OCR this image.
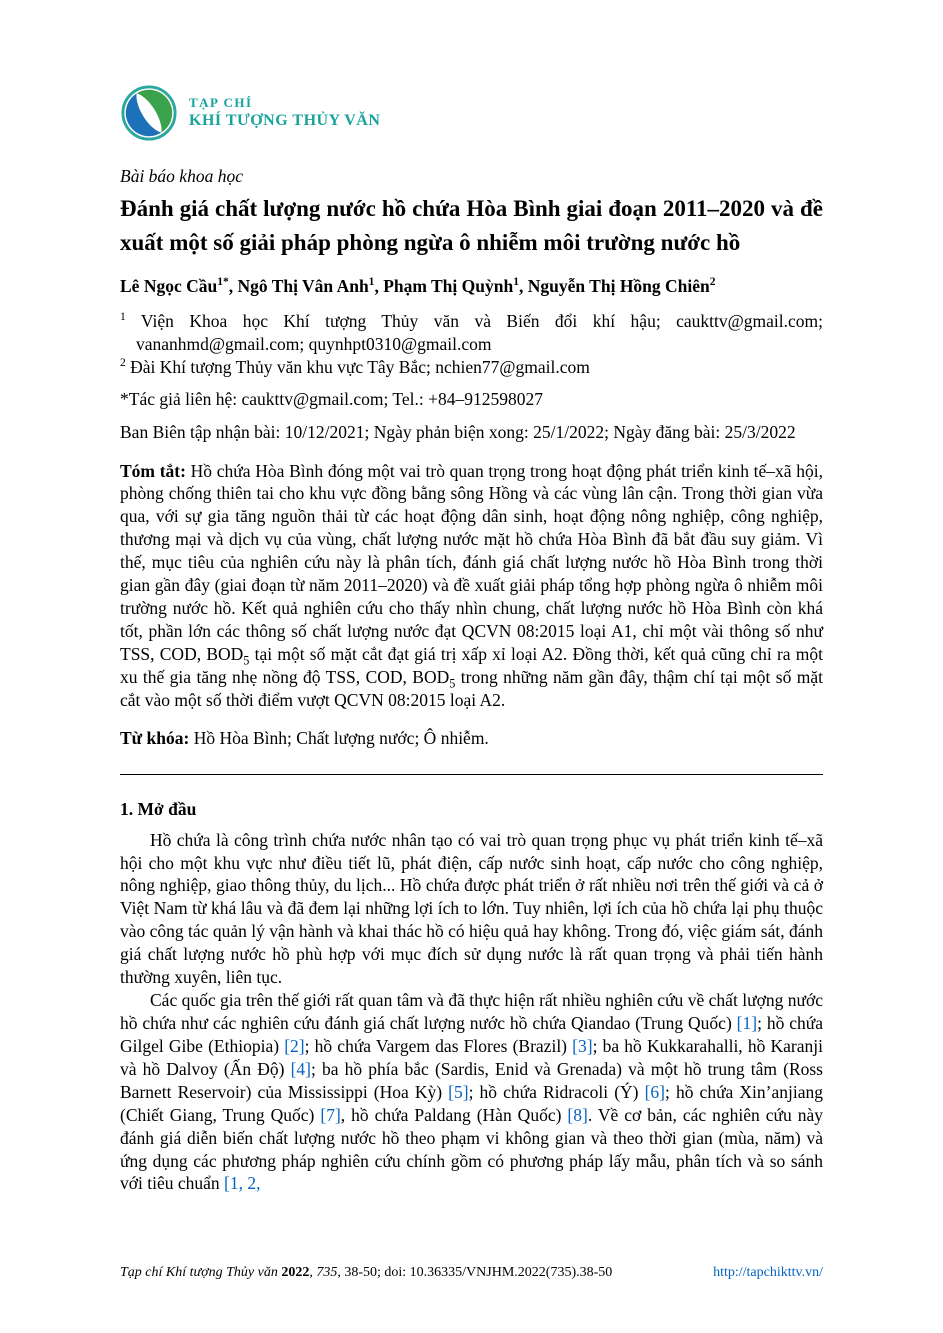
TẠP CHÍ
KHÍ TƯỢNG THỦY VĂN
Bài báo khoa học
Đánh giá chất lượng nước hồ chứa Hòa Bình giai đoạn 2011–2020 và đề xuất một số giải pháp phòng ngừa ô nhiễm môi trường nước hồ
Lê Ngọc Cầu$^{1*}$, Ngô Thị Vân Anh$^1$, Phạm Thị Quỳnh$^1$, Nguyễn Thị Hồng Chiên$^2$
$^1$ Viện Khoa học Khí tượng Thủy văn và Biến đổi khí hậu; caukttv@gmail.com; vananhmd@gmail.com; quynhpt0310@gmail.com
$^2$ Đài Khí tượng Thủy văn khu vực Tây Bắc; nchien77@gmail.com
*Tác giả liên hệ: caukttv@gmail.com; Tel.: +84–912598027
Ban Biên tập nhận bài: 10/12/2021; Ngày phản biện xong: 25/1/2022; Ngày đăng bài: 25/3/2022
Tóm tắt: Hồ chứa Hòa Bình đóng một vai trò quan trọng trong hoạt động phát triển kinh tế–xã hội, phòng chống thiên tai cho khu vực đồng bằng sông Hồng và các vùng lân cận. Trong thời gian vừa qua, với sự gia tăng nguồn thải từ các hoạt động dân sinh, hoạt động nông nghiệp, công nghiệp, thương mại và dịch vụ của vùng, chất lượng nước mặt hồ chứa Hòa Bình đã bắt đầu suy giảm. Vì thế, mục tiêu của nghiên cứu này là phân tích, đánh giá chất lượng nước hồ Hòa Bình trong thời gian gần đây (giai đoạn từ năm 2011–2020) và đề xuất giải pháp tổng hợp phòng ngừa ô nhiễm môi trường nước hồ. Kết quả nghiên cứu cho thấy nhìn chung, chất lượng nước hồ Hòa Bình còn khá tốt, phần lớn các thông số chất lượng nước đạt QCVN 08:2015 loại A1, chỉ một vài thông số như TSS, COD, $BOD_5$ tại một số mặt cắt đạt giá trị xấp xỉ loại A2. Đồng thời, kết quả cũng chỉ ra một xu thế gia tăng nhẹ nồng độ TSS, COD, $BOD_5$ trong những năm gần đây, thậm chí tại một số mặt cắt vào một số thời điểm vượt QCVN 08:2015 loại A2.
Từ khóa: Hồ Hòa Bình; Chất lượng nước; Ô nhiễm.
1. Mở đầu

Hồ chứa là công trình chứa nước nhân tạo có vai trò quan trọng phục vụ phát triển kinh tế–xã hội cho một khu vực như điều tiết lũ, phát điện, cấp nước sinh hoạt, cấp nước cho công nghiệp, nông nghiệp, giao thông thủy, du lịch... Hồ chứa được phát triển ở rất nhiều nơi trên thế giới và cả ở Việt Nam từ khá lâu và đã đem lại những lợi ích to lớn. Tuy nhiên, lợi ích của hồ chứa lại phụ thuộc vào công tác quản lý vận hành và khai thác hồ có hiệu quả hay không. Trong đó, việc giám sát, đánh giá chất lượng nước hồ phù hợp với mục đích sử dụng nước là rất quan trọng và phải tiến hành thường xuyên, liên tục.

Các quốc gia trên thế giới rất quan tâm và đã thực hiện rất nhiều nghiên cứu về chất lượng nước hồ chứa như các nghiên cứu đánh giá chất lượng nước hồ chứa Qiandao (Trung Quốc) [1]; hồ chứa Gilgel Gibe (Ethiopia) [2]; hồ chứa Vargem das Flores (Brazil) [3]; ba hồ Kukkarahalli, hồ Karanji và hồ Dalvoy (Ấn Độ) [4]; ba hồ phía bắc (Sardis, Enid và Grenada) và một hồ trung tâm (Ross Barnett Reservoir) của Mississippi (Hoa Kỳ) [5]; hồ chứa Ridracoli (Ý) [6]; hồ chứa Xin’anjiang (Chiết Giang, Trung Quốc) [7], hồ chứa Paldang (Hàn Quốc) [8]. Về cơ bản, các nghiên cứu này đánh giá diễn biến chất lượng nước hồ theo phạm vi không gian và theo thời gian (mùa, năm) và ứng dụng các phương pháp nghiên cứu chính gồm có phương pháp lấy mẫu, phân tích và so sánh với tiêu chuẩn [1, 2,

Tạp chí Khí tượng Thủy văn 2022, 735, 38-50; doi: 10.36335/VNJHM.2022(735).38-50	http://tapchikttv.vn/
